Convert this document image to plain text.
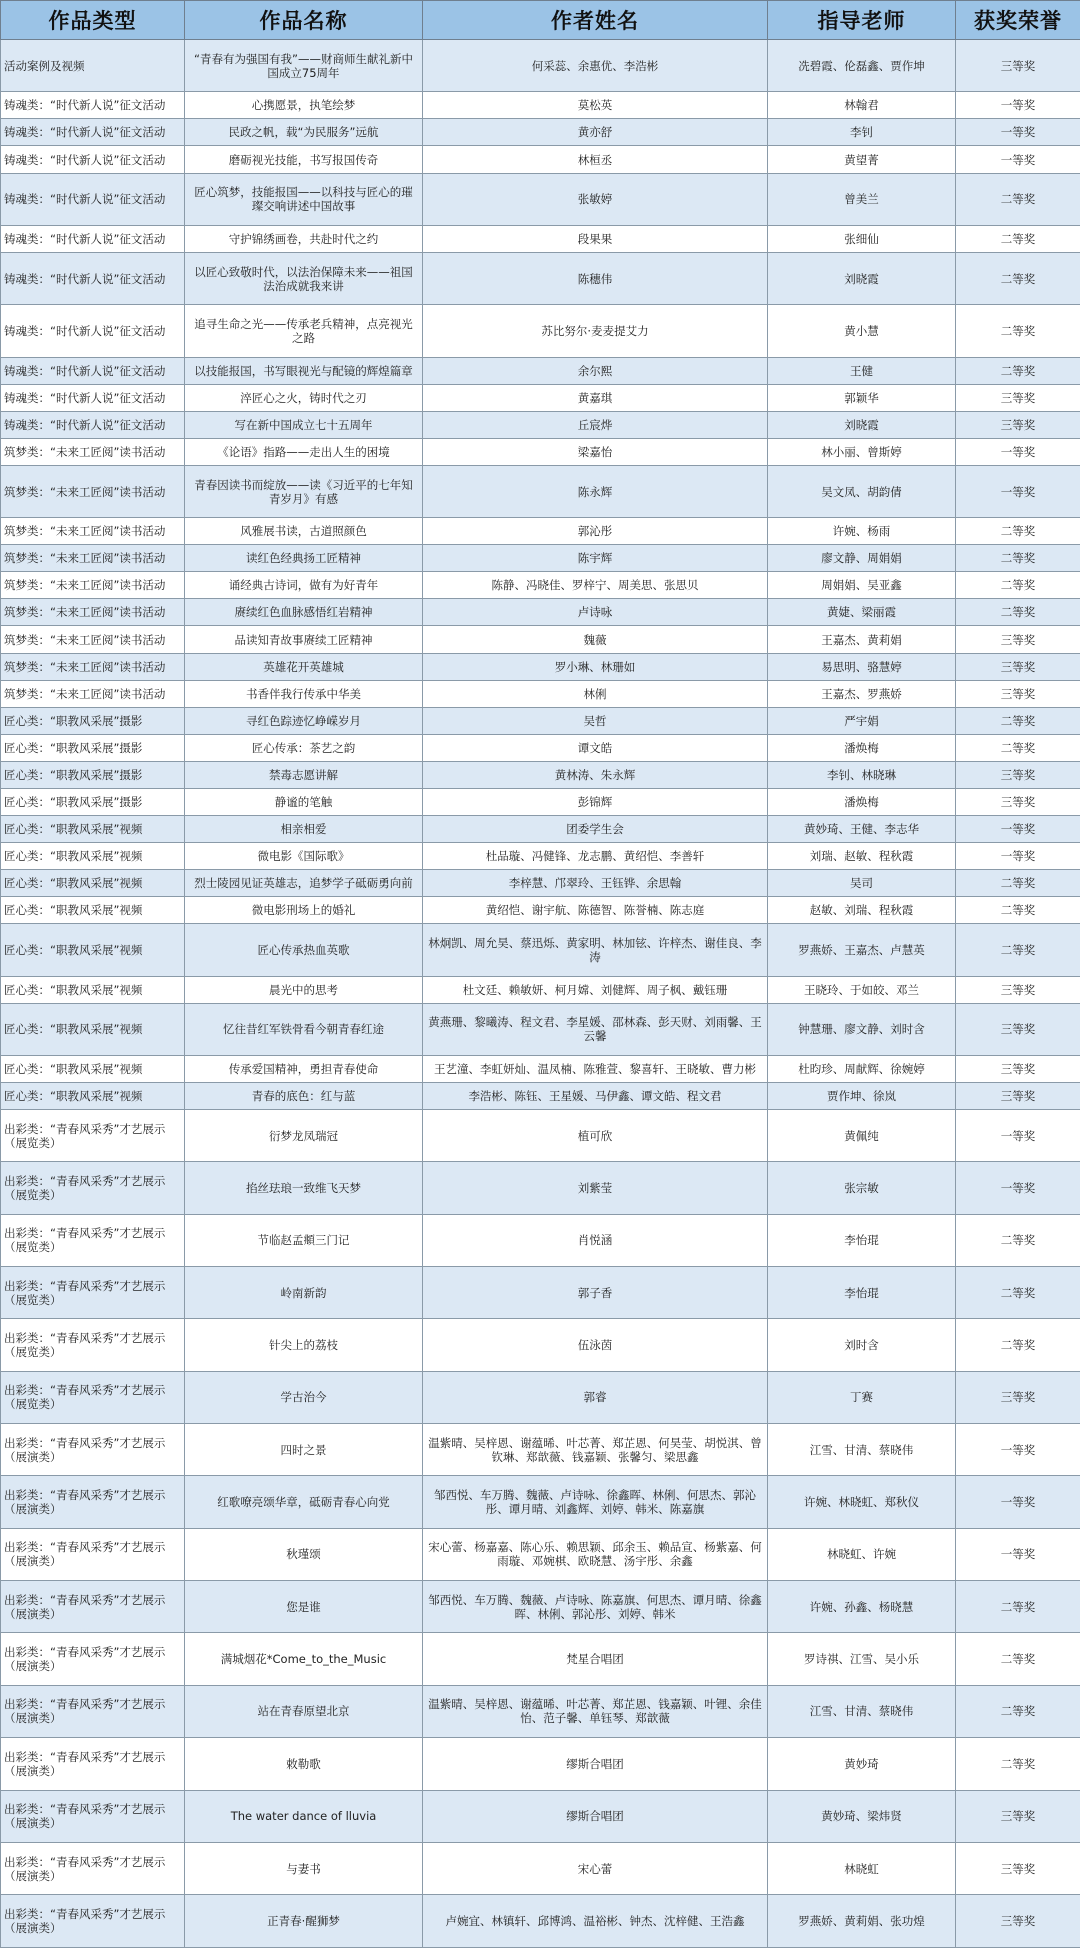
作品类型	作品名称	作者姓名	指导老师	获奖荣誉
活动案例及视频	“青春有为强国有我”——财商师生献礼新中国成立75周年	何采蕊、余惠优、李浩彬	冼碧霞、伦磊鑫、贾作坤	三等奖
铸魂类：“时代新人说”征文活动	心携愿景，执笔绘梦	莫松英	林翰君	一等奖
铸魂类：“时代新人说”征文活动	民政之帆，载“为民服务”远航	黄亦舒	李钊	一等奖
铸魂类：“时代新人说”征文活动	磨砺视光技能，书写报国传奇	林桓丞	黄望菁	一等奖
铸魂类：“时代新人说”征文活动	匠心筑梦，技能报国——以科技与匠心的璀璨交响讲述中国故事	张敏婷	曾美兰	二等奖
铸魂类：“时代新人说”征文活动	守护锦绣画卷，共赴时代之约	段果果	张细仙	二等奖
铸魂类：“时代新人说”征文活动	以匠心致敬时代，以法治保障未来——祖国法治成就我来讲	陈穗伟	刘晓霞	二等奖
铸魂类：“时代新人说”征文活动	追寻生命之光——传承老兵精神，点亮视光之路	苏比努尔·麦麦提艾力	黄小慧	二等奖
铸魂类：“时代新人说”征文活动	以技能报国，书写眼视光与配镜的辉煌篇章	余尔熙	王健	二等奖
铸魂类：“时代新人说”征文活动	淬匠心之火，铸时代之刃	黄嘉琪	郭颖华	三等奖
铸魂类：“时代新人说”征文活动	写在新中国成立七十五周年	丘宸烨	刘晓霞	三等奖
筑梦类：“未来工匠阅”读书活动	《论语》指路——走出人生的困境	梁嘉怡	林小丽、曾斯婷	一等奖
筑梦类：“未来工匠阅”读书活动	青春因读书而绽放——读《习近平的七年知青岁月》有感	陈永辉	吴文凤、胡韵倩	一等奖
筑梦类：“未来工匠阅”读书活动	风雅展书读，古道照颜色	郭沁彤	许婉、杨雨	二等奖
筑梦类：“未来工匠阅”读书活动	读红色经典扬工匠精神	陈宇辉	廖文静、周娟娟	二等奖
筑梦类：“未来工匠阅”读书活动	诵经典古诗词，做有为好青年	陈静、冯晓佳、罗梓宁、周美思、张思贝	周娟娟、吴亚鑫	二等奖
筑梦类：“未来工匠阅”读书活动	赓续红色血脉感悟红岩精神	卢诗咏	黄婕、梁丽霞	二等奖
筑梦类：“未来工匠阅”读书活动	品读知青故事赓续工匠精神	魏薇	王嘉杰、黄莉娟	三等奖
筑梦类：“未来工匠阅”读书活动	英雄花开英雄城	罗小琳、林珊如	易思明、骆慧婷	三等奖
筑梦类：“未来工匠阅”读书活动	书香伴我行传承中华美	林俐	王嘉杰、罗燕娇	三等奖
匠心类：“职教风采展”摄影	寻红色踪迹忆峥嵘岁月	吴哲	严宇娟	二等奖
匠心类：“职教风采展”摄影	匠心传承：茶艺之韵	谭文皓	潘焕梅	二等奖
匠心类：“职教风采展”摄影	禁毒志愿讲解	黄林涛、朱永辉	李钊、林晓琳	三等奖
匠心类：“职教风采展”摄影	静谧的笔触	彭锦辉	潘焕梅	三等奖
匠心类：“职教风采展”视频	相亲相爱	团委学生会	黄妙琦、王健、李志华	一等奖
匠心类：“职教风采展”视频	微电影《国际歌》	杜品璇、冯健锋、龙志鹏、黄绍恺、李善轩	刘瑞、赵敏、程秋霞	一等奖
匠心类：“职教风采展”视频	烈士陵园见证英雄志，追梦学子砥砺勇向前	李梓慧、邝翠玲、王钰铧、余思翰	吴司	二等奖
匠心类：“职教风采展”视频	微电影刑场上的婚礼	黄绍恺、谢宇航、陈德智、陈誉楠、陈志庭	赵敏、刘瑞、程秋霞	二等奖
匠心类：“职教风采展”视频	匠心传承热血英歌	林炯凯、周允昊、蔡迅烁、黄家明、林加铉、许梓杰、谢佳良、李涛	罗燕娇、王嘉杰、卢慧英	二等奖
匠心类：“职教风采展”视频	晨光中的思考	杜文廷、赖敏妍、柯月嫦、刘健辉、周子枫、戴钰珊	王晓玲、于如皎、邓兰	三等奖
匠心类：“职教风采展”视频	忆往昔红军铁骨看今朝青春红途	黄燕珊、黎曦涛、程文君、李星媛、邵林森、彭天财、刘雨馨、王云馨	钟慧珊、廖文静、刘时含	三等奖
匠心类：“职教风采展”视频	传承爱国精神，勇担青春使命	王艺潼、李虹妍灿、温凤楠、陈雅萱、黎喜轩、王晓敏、曹力彬	杜昀珍、周献辉、徐婉婷	三等奖
匠心类：“职教风采展”视频	青春的底色：红与蓝	李浩彬、陈钰、王星媛、马伊鑫、谭文皓、程文君	贾作坤、徐岚	三等奖
出彩类：“青春风采秀”才艺展示（展览类）	衍梦龙凤瑞冠	植可欣	黄佩纯	一等奖
出彩类：“青春风采秀”才艺展示（展览类）	掐丝珐琅一致维飞天梦	刘紫莹	张宗敏	一等奖
出彩类：“青春风采秀”才艺展示（展览类）	节临赵孟頫三门记	肖悦涵	李怡琨	二等奖
出彩类：“青春风采秀”才艺展示（展览类）	岭南新韵	郭子香	李怡琨	二等奖
出彩类：“青春风采秀”才艺展示（展览类）	针尖上的荔枝	伍泳茵	刘时含	二等奖
出彩类：“青春风采秀”才艺展示（展览类）	学古治今	郭睿	丁赛	三等奖
出彩类：“青春风采秀”才艺展示（展演类）	四时之景	温紫晴、吴梓恩、谢蕴晞、叶芯菁、郑芷恩、何昊莹、胡悦淇、曾钦琳、郑歆薇、钱嘉颖、张馨匀、梁思鑫	江雪、甘清、蔡晓伟	一等奖
出彩类：“青春风采秀”才艺展示（展演类）	红歌嘹亮颂华章，砥砺青春心向党	邹西悦、车万腾、魏薇、卢诗咏、徐鑫晖、林俐、何思杰、郭沁彤、谭月晴、刘鑫辉、刘婷、韩米、陈嘉旗	许婉、林晓虹、郑秋仪	一等奖
出彩类：“青春风采秀”才艺展示（展演类）	秋瑾颂	宋心蕾、杨嘉嘉、陈心乐、赖思颖、邱余玉、赖品宣、杨紫嘉、何雨璇、邓婉棋、欧晓慧、汤宇彤、余鑫	林晓虹、许婉	一等奖
出彩类：“青春风采秀”才艺展示（展演类）	您是谁	邹西悦、车万腾、魏薇、卢诗咏、陈嘉旗、何思杰、谭月晴、徐鑫晖、林俐、郭沁彤、刘婷、韩米	许婉、孙鑫、杨晓慧	二等奖
出彩类：“青春风采秀”才艺展示（展演类）	满城烟花*Come_to_the_Music	梵星合唱团	罗诗祺、江雪、吴小乐	二等奖
出彩类：“青春风采秀”才艺展示（展演类）	站在青春原望北京	温紫晴、吴梓恩、谢蕴晞、叶芯菁、郑芷恩、钱嘉颖、叶锂、余佳怡、范子馨、单钰琴、郑歆薇	江雪、甘清、蔡晓伟	二等奖
出彩类：“青春风采秀”才艺展示（展演类）	敕勒歌	缪斯合唱团	黄妙琦	二等奖
出彩类：“青春风采秀”才艺展示（展演类）	The water dance of lluvia	缪斯合唱团	黄妙琦、梁炜贤	三等奖
出彩类：“青春风采秀”才艺展示（展演类）	与妻书	宋心蕾	林晓虹	三等奖
出彩类：“青春风采秀”才艺展示（展演类）	正青春·醒狮梦	卢婉宜、林镇轩、邱博鸿、温裕彬、钟杰、沈梓健、王浩鑫	罗燕娇、黄莉娟、张功煌	三等奖
